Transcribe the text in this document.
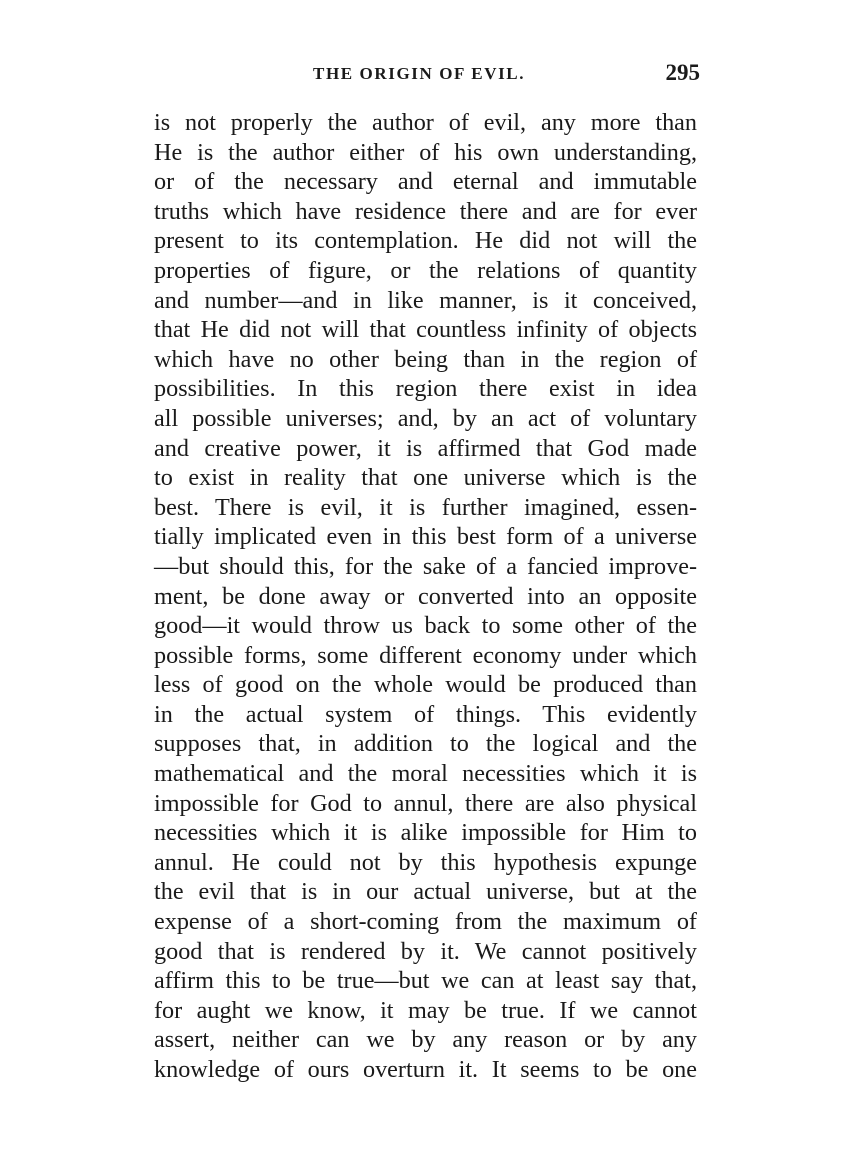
THE ORIGIN OF EVIL.	295
is not properly the author of evil, any more than
He is the author either of his own understanding,
or of the necessary and eternal and immutable
truths which have residence there and are for ever
present to its contemplation. He did not will the
properties of figure, or the relations of quantity
and number—and in like manner, is it conceived,
that He did not will that countless infinity of objects
which have no other being than in the region of
possibilities. In this region there exist in idea
all possible universes; and, by an act of voluntary
and creative power, it is affirmed that God made
to exist in reality that one universe which is the
best. There is evil, it is further imagined, essen-
tially implicated even in this best form of a universe
—but should this, for the sake of a fancied improve-
ment, be done away or converted into an opposite
good—it would throw us back to some other of the
possible forms, some different economy under which
less of good on the whole would be produced than
in the actual system of things. This evidently
supposes that, in addition to the logical and the
mathematical and the moral necessities which it is
impossible for God to annul, there are also physical
necessities which it is alike impossible for Him to
annul. He could not by this hypothesis expunge
the evil that is in our actual universe, but at the
expense of a short-coming from the maximum of
good that is rendered by it. We cannot positively
affirm this to be true—but we can at least say that,
for aught we know, it may be true. If we cannot
assert, neither can we by any reason or by any
knowledge of ours overturn it. It seems to be one
